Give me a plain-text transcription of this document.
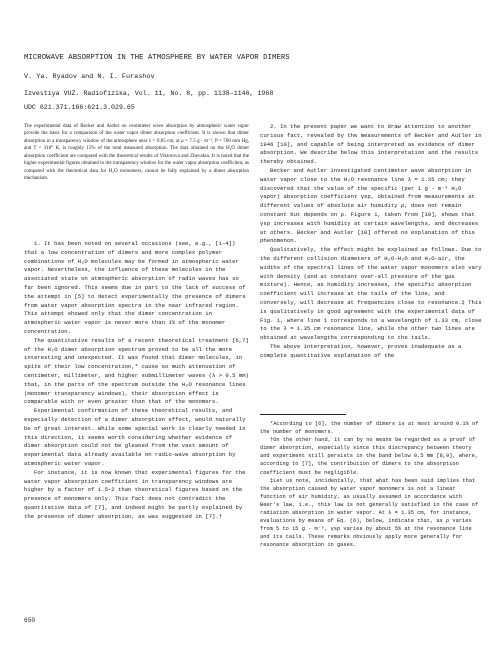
MICROWAVE ABSORPTION IN THE ATMOSPHERE BY WATER VAPOR DIMERS
V. Ya. Ryadov and N. I. Furashov
Izvestiya VUZ. Radiofizika, Vol. 11, No. 8, pp. 1138–1146, 1968
UDC 621.371.166:621.3.029.65
The experimental data of Becker and Autler on centimeter wave absorption by atmospheric water vapor provide the basis for a comparison of the water vapor dimer absorption coefficient. It is shown that dimer absorption in a transparency window of the atmosphere near λ = 0.85 cm, at ρ = 7.5 g · m⁻³, P = 760 mm Hg, and T = 318° K, is roughly 15% of the total measured absorption. The data obtained on the H₂O dimer absorption coefficient are compared with the theoretical results of Viktorova and Zhevakin. It is noted that the higher experimental figures obtained in the transparency window for the water vapor absorption coefficient, as compared with the theoretical data for H₂O monomers, cannot be fully explained by a dimer absorption mechanism.

1. It has been noted on several occasions (see, e.g., [1–4]) that a low concentration of dimers and more complex polymer combinations of H₂O molecules may be formed in atmospheric water vapor. Nevertheless, the influence of these molecules in the associated state on atmospheric absorption of radio waves has so far been ignored. This seems due in part to the lack of success of the attempt in [5] to detect experimentally the presence of dimers from water vapor absorption spectra in the near infrared region. This attempt showed only that the dimer concentration in atmospheric water vapor is never more than 1% of the monomer concentration.

The quantitative results of a recent theoretical treatment [6,7] of the H₂O dimer absorption spectrum proved to be all the more interesting and unexpected. It was found that dimer molecules, in spite of their low concentration,* cause so much attenuation of centimeter, millimeter, and higher submillimeter waves (λ > 0.5 mm) that, in the parts of the spectrum outside the H₂O resonance lines (monomer transparency windows), their absorption effect is comparable with or even greater than that of the monomers.

Experimental confirmation of these theoretical results, and especially detection of a dimer absorption effect, would naturally be of great interest. While some special work is clearly needed in this direction, it seems worth considering whether evidence of dimer absorption could not be gleaned from the vast amount of experimental data already available on radio-wave absorption by atmospheric water vapor.

For instance, it is now known that experimental figures for the water vapor absorption coefficient in transparency windows are higher by a factor of 1.5–2 than theoretical figures based on the presence of monomers only. This fact does not contradict the quantitative data of [7], and indeed might be partly explained by the presence of dimer absorption, as was suggested in [7].†

2. In the present paper we want to draw attention to another curious fact, revealed by the measurements of Becker and Autler in 1946 [10], and capable of being interpreted as evidence of dimer absorption. We describe below this interpretation and the results thereby obtained.

Becker and Autler investigated centimeter wave absorption in water vapor close to the H₂O resonance line λ = 1.35 cm; they discovered that the value of the specific (per 1 g · m⁻³ H₂O vapor) absorption coefficient γsp, obtained from measurements at different values of absolute air humidity ρ, does not remain constant but depends on ρ. Figure 1, taken from [10], shows that γsp increases with humidity at certain wavelengths, and decreases at others. Becker and Autler [10] offered no explanation of this phenomenon.

Qualitatively, the effect might be explained as follows. Due to the different collision diameters of H₂O-H₂O and H₂O-air, the widths of the spectral lines of the water vapor monomers also vary with density (and at constant over-all pressure of the gas mixture). Hence, as humidity increases, the specific absorption coefficient will increase at the tails of the line, and conversely, will decrease at frequencies close to resonance.‡ This is qualitatively in good agreement with the experimental data of Fig. 1, where line 1 corresponds to a wavelength of 1.33 cm, close to the λ = 1.35 cm resonance line, while the other two lines are obtained at wavelengths corresponding to the tails.

The above interpretation, however, proves inadequate as a complete quantitative explanation of the

*According to [6], the number of dimers is at most around 0.1% of the number of monomers.

†On the other hand, it can by no means be regarded as a proof of dimer absorption, especially since this discrepancy between theory and experiment still persists in the band below 0.5 mm [8,9], where, according to [7], the contribution of dimers to the absorption coefficient must be negligible.

‡Let us note, incidentally, that what has been said implies that the absorption caused by water vapor monomers is not a linear function of air humidity, as usually assumed in accordance with Beer's law, i.e., this law is not generally satisfied in the case of radiation absorption in water vapor. At λ = 1.35 cm, for instance, evaluations by means of Eq. (6), below, indicate that, as ρ varies from 5 to 15 g · m⁻³, γsp varies by about 5% at the resonance line and its tails. These remarks obviously apply more generally for resonance absorption in gases.

650
